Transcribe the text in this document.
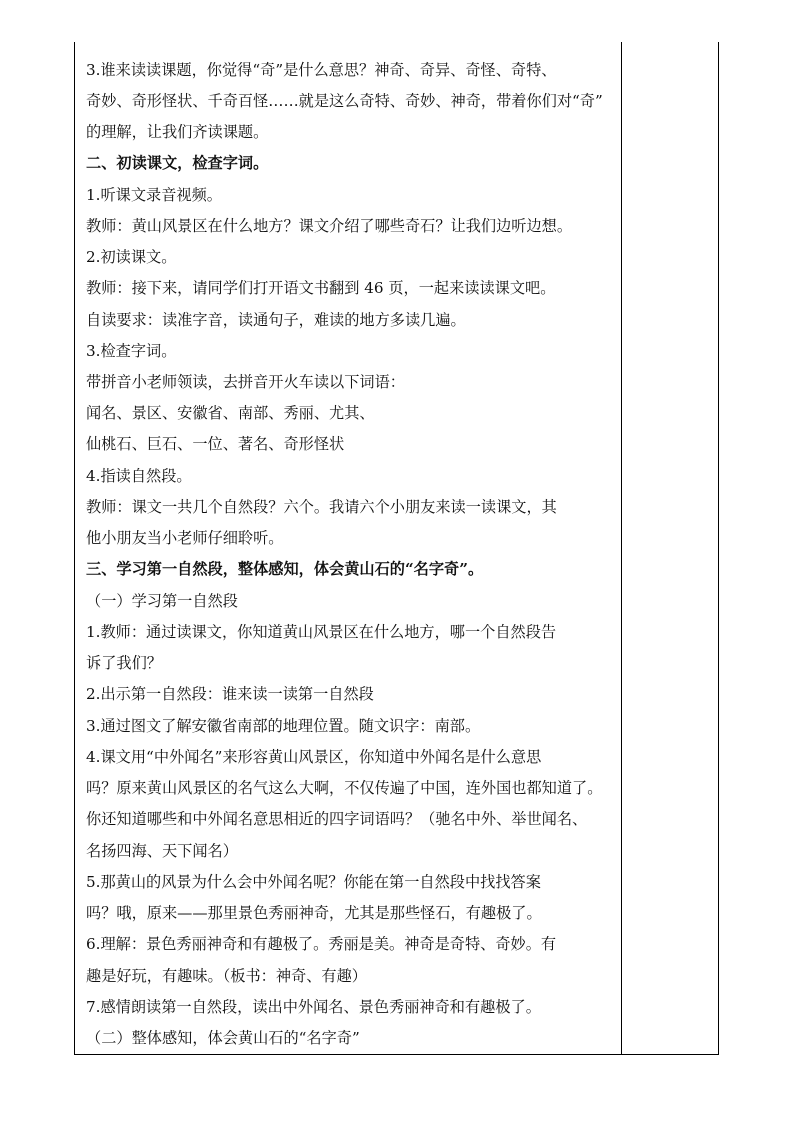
3.谁来读读课题，你觉得“奇”是什么意思？神奇、奇异、奇怪、奇特、
奇妙、奇形怪状、千奇百怪……就是这么奇特、奇妙、神奇，带着你们对“奇”
的理解，让我们齐读课题。
二、初读课文，检查字词。
1.听课文录音视频。
教师：黄山风景区在什么地方？课文介绍了哪些奇石？让我们边听边想。
2.初读课文。
教师：接下来，请同学们打开语文书翻到 46 页，一起来读读课文吧。
自读要求：读准字音，读通句子，难读的地方多读几遍。
3.检查字词。
带拼音小老师领读，去拼音开火车读以下词语：
闻名、景区、安徽省、南部、秀丽、尤其、
仙桃石、巨石、一位、著名、奇形怪状
4.指读自然段。
教师：课文一共几个自然段？六个。我请六个小朋友来读一读课文，其
他小朋友当小老师仔细聆听。
三、学习第一自然段，整体感知，体会黄山石的“名字奇”。
（一）学习第一自然段
1.教师：通过读课文，你知道黄山风景区在什么地方，哪一个自然段告
诉了我们？
2.出示第一自然段：谁来读一读第一自然段
3.通过图文了解安徽省南部的地理位置。随文识字：南部。
4.课文用“中外闻名”来形容黄山风景区，你知道中外闻名是什么意思
吗？原来黄山风景区的名气这么大啊，不仅传遍了中国，连外国也都知道了。
你还知道哪些和中外闻名意思相近的四字词语吗？（驰名中外、举世闻名、
名扬四海、天下闻名）
5.那黄山的风景为什么会中外闻名呢？你能在第一自然段中找找答案
吗？哦，原来——那里景色秀丽神奇，尤其是那些怪石，有趣极了。
6.理解：景色秀丽神奇和有趣极了。秀丽是美。神奇是奇特、奇妙。有
趣是好玩，有趣味。（板书：神奇、有趣）
7.感情朗读第一自然段，读出中外闻名、景色秀丽神奇和有趣极了。
（二）整体感知，体会黄山石的“名字奇”
